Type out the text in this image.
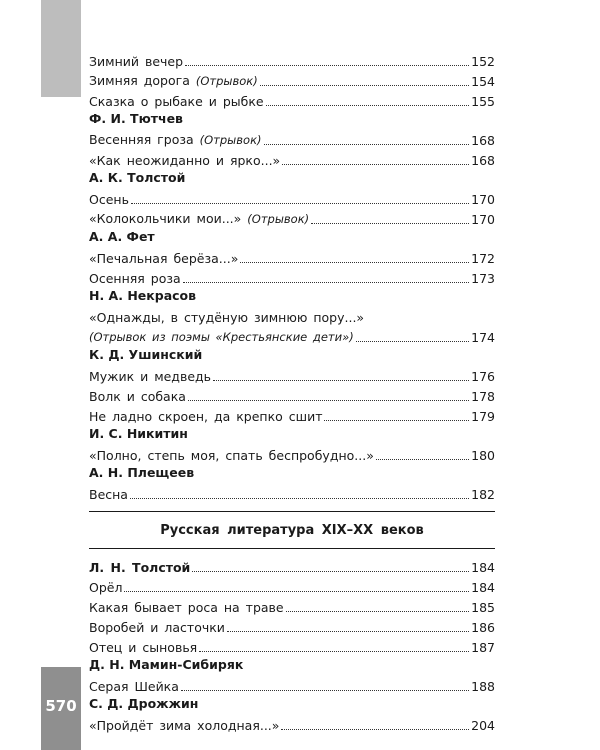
570
Зимний вечер	152
Зимняя дорога (Отрывок)	154
Сказка о рыбаке и рыбке	155
Ф. И. Тютчев
Весенняя гроза (Отрывок)	168
«Как неожиданно и ярко...»	168
А. К. Толстой
Осень	170
«Колокольчики мои...» (Отрывок)	170
А. А. Фет
«Печальная берёза...»	172
Осенняя роза	173
Н. А. Некрасов
«Однажды, в студёную зимнюю пору...»
(Отрывок из поэмы «Крестьянские дети»)	174
К. Д. Ушинский
Мужик и медведь	176
Волк и собака	178
Не ладно скроен, да крепко сшит	179
И. С. Никитин
«Полно, степь моя, спать беспробудно...»	180
А. Н. Плещеев
Весна	182
Русская литература XIX–XX веков
Л. Н. Толстой	184
Орёл	184
Какая бывает роса на траве	185
Воробей и ласточки	186
Отец и сыновья	187
Д. Н. Мамин-Сибиряк
Серая Шейка	188
С. Д. Дрожжин
«Пройдёт зима холодная...»	204
